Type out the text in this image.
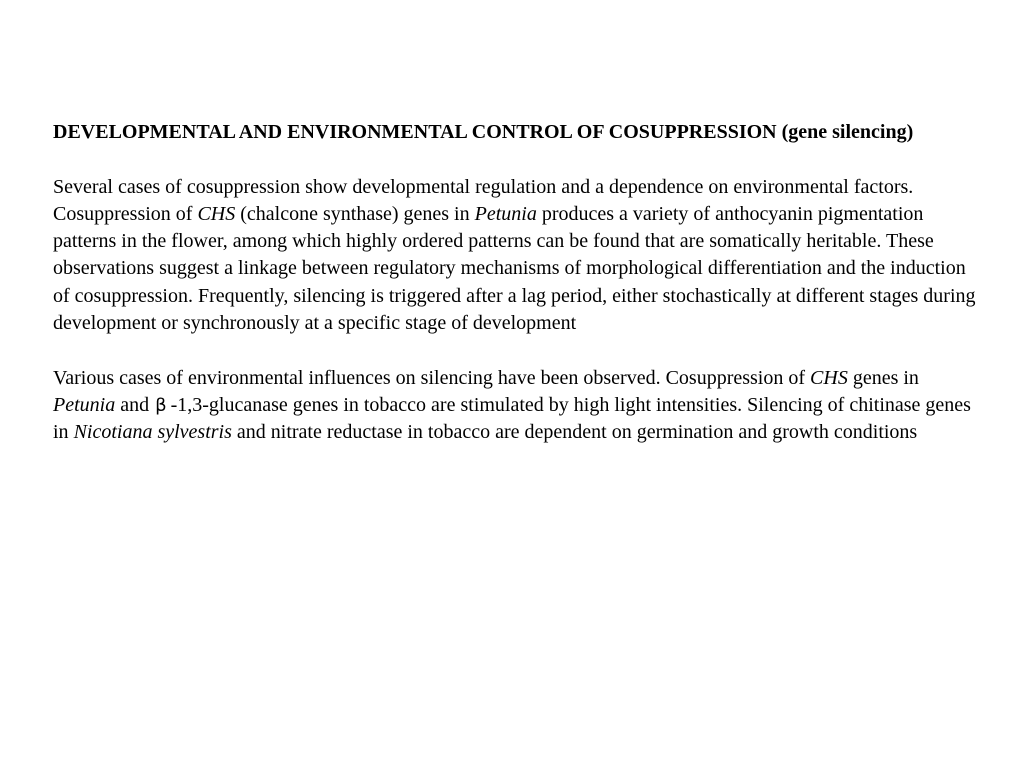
DEVELOPMENTAL AND ENVIRONMENTAL CONTROL OF COSUPPRESSION (gene silencing)

Several cases of cosuppression show developmental regulation and a dependence on environmental factors. Cosuppression of CHS (chalcone synthase) genes in Petunia produces a variety of anthocyanin pigmentation patterns in the flower, among which highly ordered patterns can be found that are somatically heritable. These observations suggest a linkage between regulatory mechanisms of morphological differentiation and the induction of cosuppression. Frequently, silencing is triggered after a lag period, either stochastically at different stages during development or synchronously at a specific stage of development

Various cases of environmental influences on silencing have been observed. Cosuppression of CHS genes in Petunia and β -1,3-glucanase genes in tobacco are stimulated by high light intensities. Silencing of chitinase genes in Nicotiana sylvestris and nitrate reductase in tobacco are dependent on germination and growth conditions
